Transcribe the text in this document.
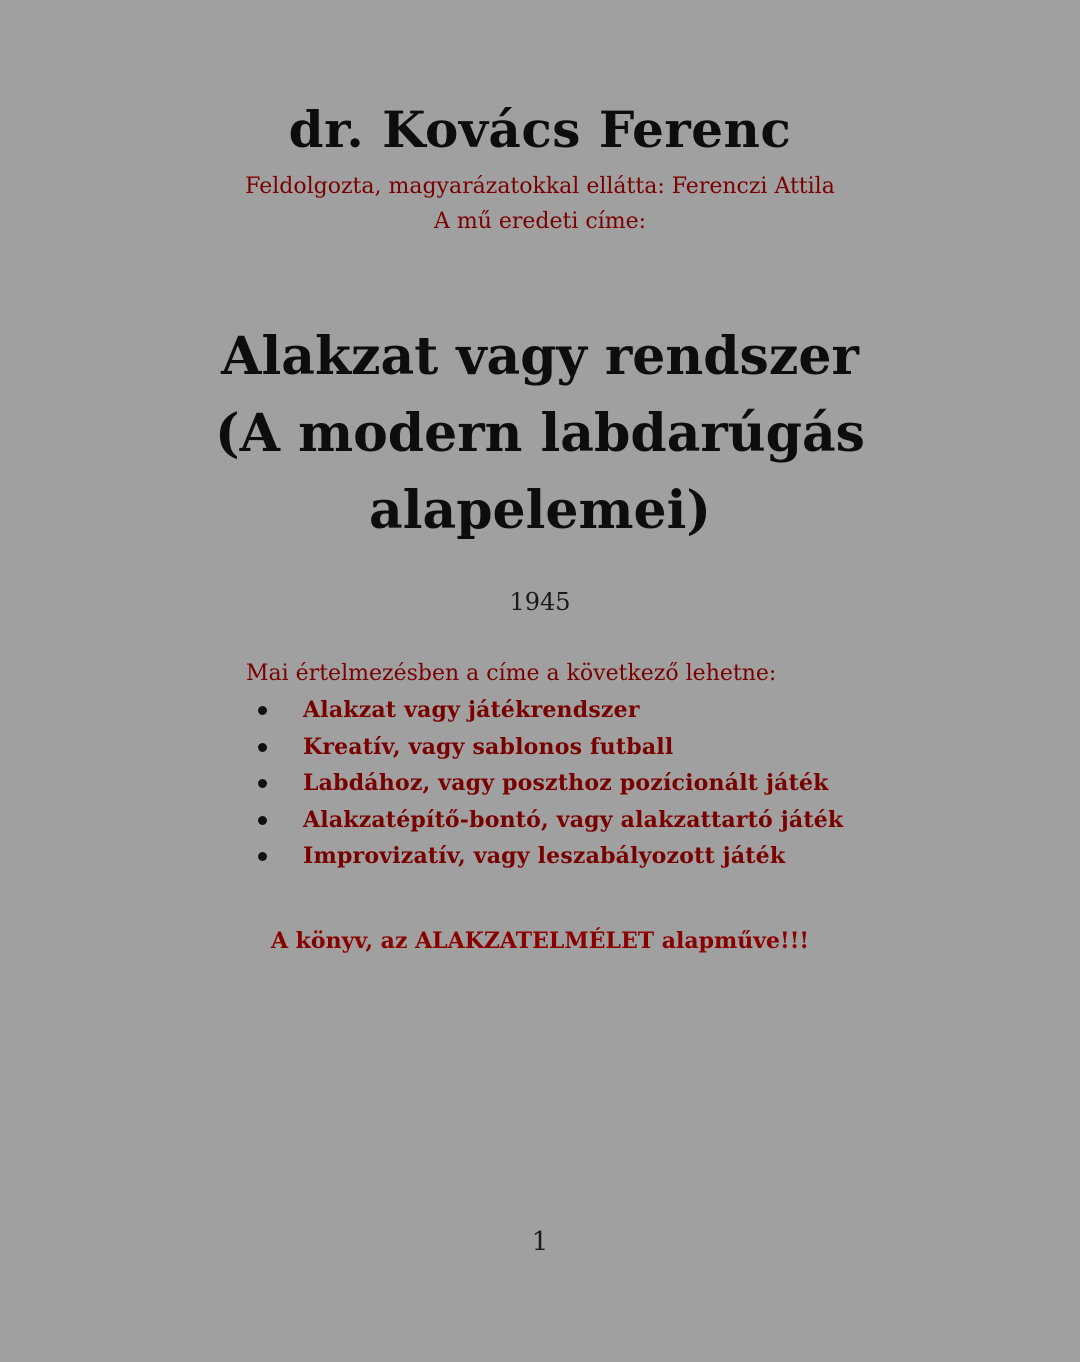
dr. Kovács Ferenc

Feldolgozta, magyarázatokkal ellátta: Ferenczi Attila

A mű eredeti címe:

Alakzat vagy rendszer
(A modern labdarúgás
alapelemei)
1945
Mai értelmezésben a címe a következő lehetne:
Alakzat vagy játékrendszer
Kreatív, vagy sablonos futball
Labdához, vagy poszthoz pozícionált játék
Alakzatépítő-bontó, vagy alakzattartó játék
Improvizatív, vagy leszabályozott játék
A könyv, az ALAKZATELMÉLET alapműve!!!
1
